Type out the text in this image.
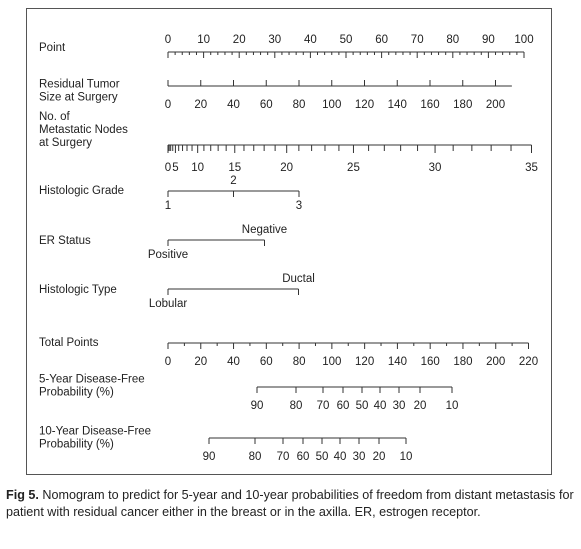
Point
0 10 20 30 40 50 60 70 80 90 100
Residual Tumor
Size at Surgery
0 20 40 60 80 100 120 140 160 180 200
No. of
Metastatic Nodes
at Surgery
0 5 10 15	20	25	30	35
Histologic Grade
1
2
3
ER Status
Positive
Negative
Histologic Type
Lobular
Ductal
Total Points
0 20 40 60 80 100 120 140 160 180 200 220
5-Year Disease-Free
Probability (%)
90 80 70 60 50 40 30 20 10
10-Year Disease-Free
Probability (%)
90	80 70 60 50 40 30 20 10

Fig 5. Nomogram to predict for 5-year and 10-year probabilities of freedom from distant metastasis for patient with residual cancer either in the breast or in the axilla. ER, estrogen receptor.
